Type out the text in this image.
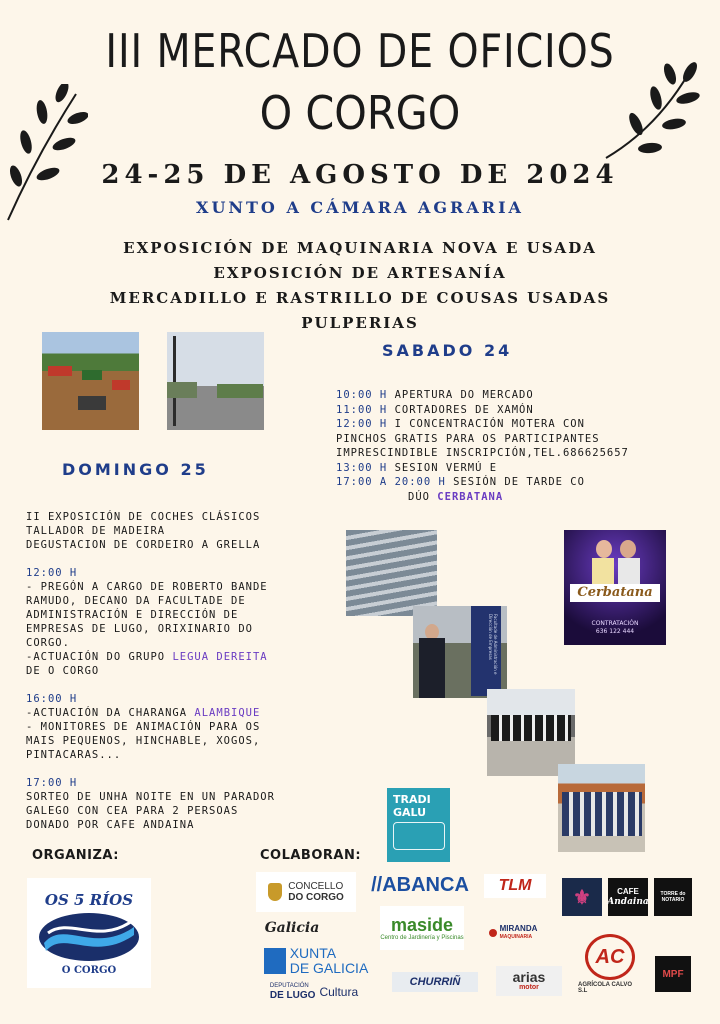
III MERCADO DE OFICIOS
O CORGO
24-25 DE AGOSTO DE 2024
XUNTO A CÁMARA AGRARIA
EXPOSICIÓN DE MAQUINARIA NOVA E USADA
EXPOSICIÓN DE ARTESANÍA
MERCADILLO E RASTRILLO DE COUSAS USADAS
PULPERIAS
SABADO 24
10:00 H APERTURA DO MERCADO
11:00 H CORTADORES DE XAMÓN
12:00 H I CONCENTRACIÓN MOTERA CON
PINCHOS GRATIS PARA OS PARTICIPANTES
IMPRESCINDIBLE INSCRIPCIÓN,TEL.686625657
13:00 H SESION VERMÚ E
17:00 A 20:00 H SESIÓN DE TARDE CO
DÚO CERBATANA
DOMINGO 25
II EXPOSICIÓN DE COCHES CLÁSICOS
TALLADOR DE MADEIRA
DEGUSTACION DE CORDEIRO A GRELLA
12:00 H
- PREGÓN A CARGO DE ROBERTO BANDE
RAMUDO, DECANO DA FACULTADE DE
ADMINISTRACIÓN E DIRECCIÓN DE
EMPRESAS DE LUGO, ORIXINARIO DO
CORGO.
-ACTUACIÓN DO GRUPO LEGUA DEREITA
DE O CORGO
16:00 H
-ACTUACIÓN DA CHARANGA ALAMBIQUE
- MONITORES DE ANIMACIÓN PARA OS
MAIS PEQUENOS, HINCHABLE, XOGOS,
PINTACARAS...
17:00 H
SORTEO DE UNHA NOITE EN UN PARADOR
GALEGO CON CEA PARA 2 PERSOAS
DONADO POR CAFE ANDAINA
Cerbatana
CONTRATACIÓN
636 122 444
Facultade de Administración e Dirección de Empresas
TRADI
GALU
ORGANIZA:	COLABORAN:
OS 5 RÍOS
O CORGO
CONCELLO
DO CORGO
//ABANCA	TLM
⚜	CAFE
Andaina
TORRE do NOTARIO
Galicia	maside
Centro de Jardinería y Piscinas
MIRANDA
MAQUINARIA
XUNTA
DE GALICIA
DEPUTACIÓN
DE LUGO Cultura
CHURRIÑ	arias
motor
AC
AGRÍCOLA CALVO S.L
MPF
